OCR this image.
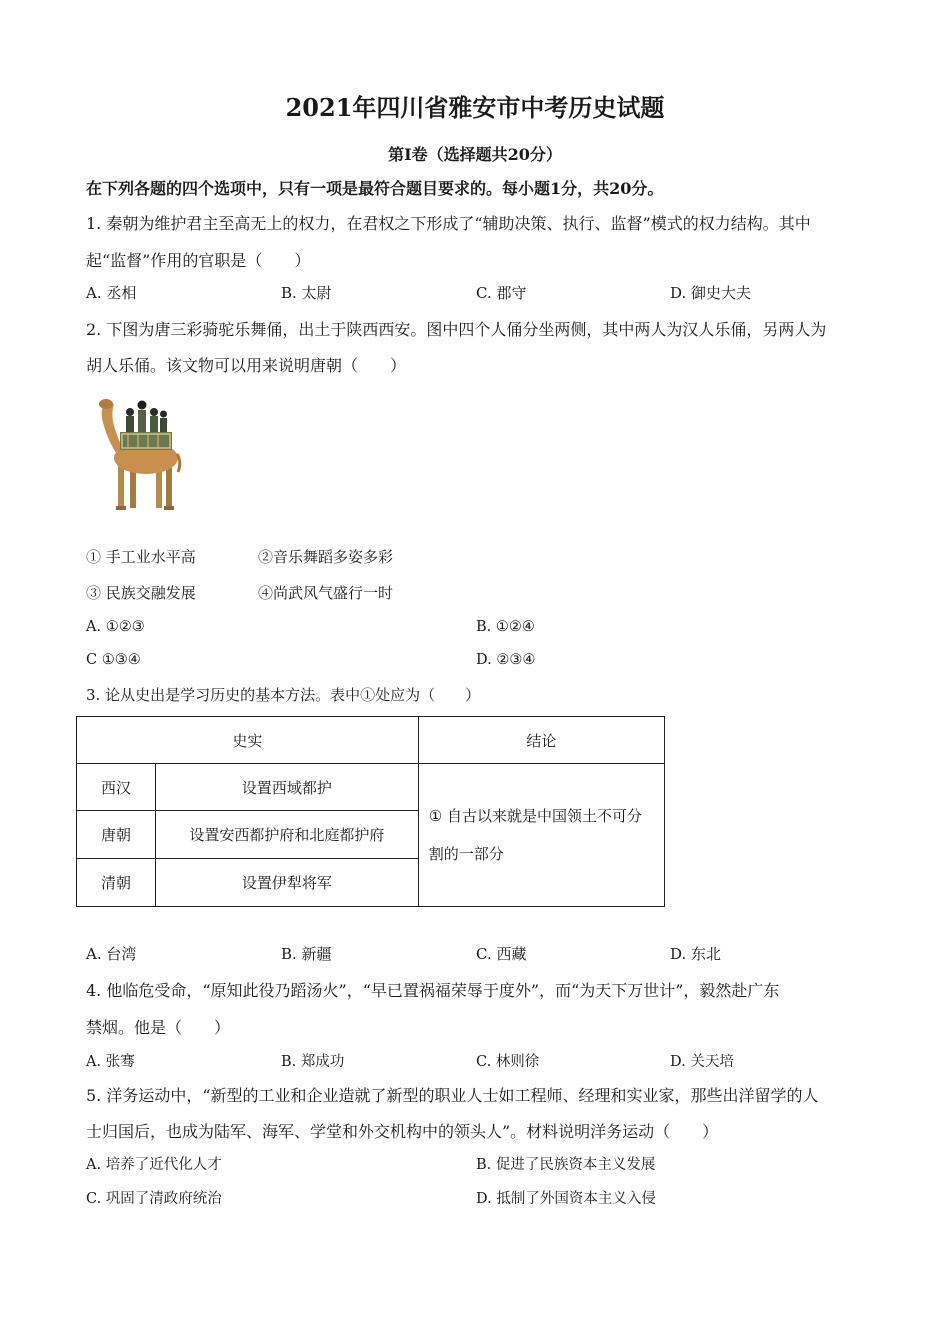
2021年四川省雅安市中考历史试题
第Ⅰ卷（选择题共20分）
在下列各题的四个选项中，只有一项是最符合题目要求的。每小题1分，共20分。
1. 秦朝为维护君主至高无上的权力，在君权之下形成了“辅助决策、执行、监督”模式的权力结构。其中
起“监督”作用的官职是（　　）
A. 丞相	B. 太尉	C. 郡守	D. 御史大夫
2. 下图为唐三彩骑驼乐舞俑，出土于陕西西安。图中四个人俑分坐两侧，其中两人为汉人乐俑，另两人为
胡人乐俑。该文物可以用来说明唐朝（　　）
① 手工业水平高	②音乐舞蹈多姿多彩
③ 民族交融发展	④尚武风气盛行一时
A. ①②③	B. ①②④
C ①③④	D. ②③④
3. 论从史出是学习历史的基本方法。表中①处应为（　　）
史实		结论
西汉	设置西域都护	① 自古以来就是中国领土不可分
割的一部分

唐朝	设置安西都护府和北庭都护府	
清朝	设置伊犁将军	
A. 台湾	B. 新疆	C. 西藏	D. 东北
4. 他临危受命，“原知此役乃蹈汤火”，“早已置祸福荣辱于度外”，而“为天下万世计”，毅然赴广东
禁烟。他是（　　）
A. 张骞	B. 郑成功	C. 林则徐	D. 关天培
5. 洋务运动中，“新型的工业和企业造就了新型的职业人士如工程师、经理和实业家，那些出洋留学的人
士归国后，也成为陆军、海军、学堂和外交机构中的领头人”。材料说明洋务运动（　　）
A. 培养了近代化人才	B. 促进了民族资本主义发展
C. 巩固了清政府统治	D. 抵制了外国资本主义入侵
